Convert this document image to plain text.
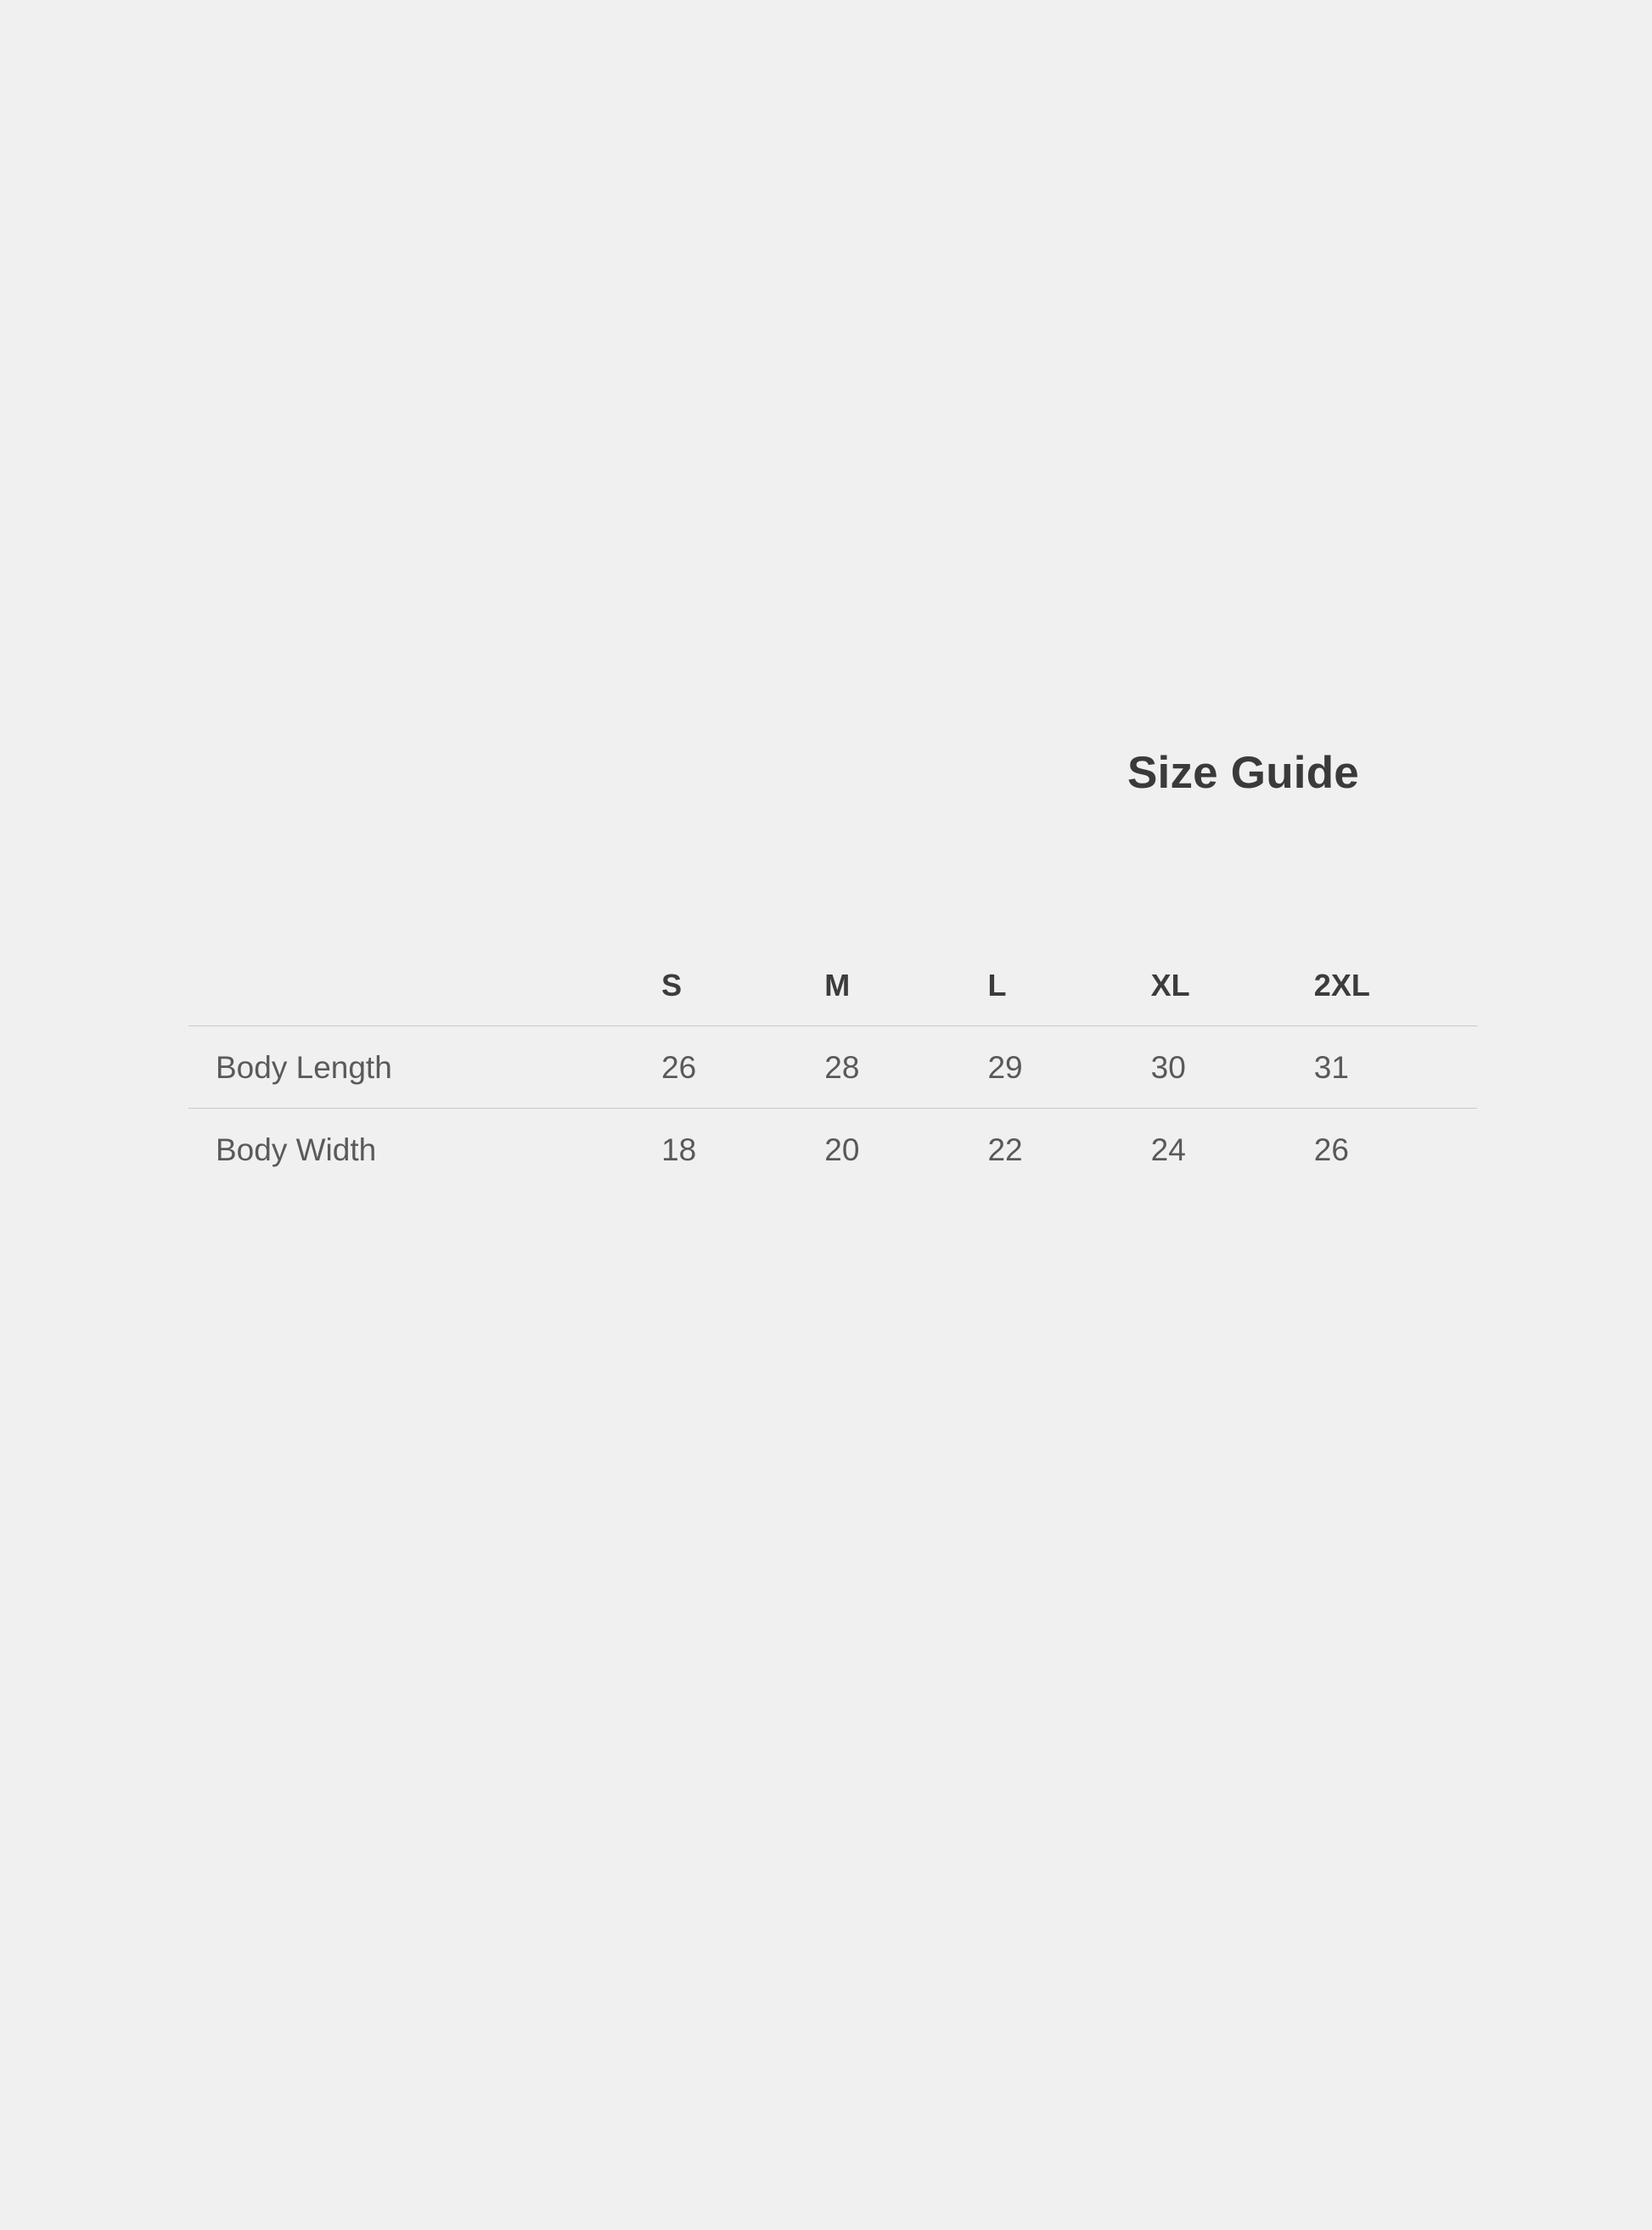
Size Guide
	S	M	L	XL	2XL
Body Length	26	28	29	30	31
Body Width	18	20	22	24	26
